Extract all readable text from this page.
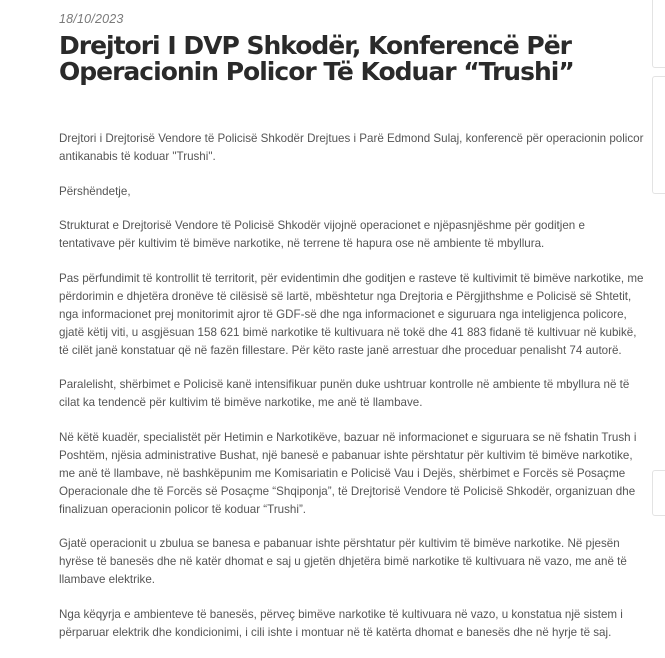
18/10/2023
Drejtori I DVP Shkodër, Konferencë Për Operacionin Policor Të Koduar “Trushi”

Drejtori i Drejtorisë Vendore të Policisë Shkodër Drejtues i Parë Edmond Sulaj, konferencë për operacionin policor antikanabis të koduar "Trushi".

Përshëndetje,

Strukturat e Drejtorisë Vendore të Policisë Shkodër vijojnë operacionet e njëpasnjëshme për goditjen e tentativave për kultivim të bimëve narkotike, në terrene të hapura ose në ambiente të mbyllura.

Pas përfundimit të kontrollit të territorit, për evidentimin dhe goditjen e rasteve të kultivimit të bimëve narkotike, me përdorimin e dhjetëra dronëve të cilësisë së lartë, mbështetur nga Drejtoria e Përgjithshme e Policisë së Shtetit, nga informacionet prej monitorimit ajror të GDF-së dhe nga informacionet e siguruara nga inteligjenca policore, gjatë këtij viti, u asgjësuan 158 621 bimë narkotike të kultivuara në tokë dhe 41 883 fidanë të kultivuar në kubikë, të cilët janë konstatuar që në fazën fillestare. Për këto raste janë arrestuar dhe proceduar penalisht 74 autorë.

Paralelisht, shërbimet e Policisë kanë intensifikuar punën duke ushtruar kontrolle në ambiente të mbyllura në të cilat ka tendencë për kultivim të bimëve narkotike, me anë të llambave.

Në këtë kuadër, specialistët për Hetimin e Narkotikëve, bazuar në informacionet e siguruara se në fshatin Trush i Poshtëm, njësia administrative Bushat, një banesë e pabanuar ishte përshtatur për kultivim të bimëve narkotike, me anë të llambave, në bashkëpunim me Komisariatin e Policisë Vau i Dejës, shërbimet e Forcës së Posaçme Operacionale dhe të Forcës së Posaçme “Shqiponja”, të Drejtorisë Vendore të Policisë Shkodër, organizuan dhe finalizuan operacionin policor të koduar “Trushi”.

Gjatë operacionit u zbulua se banesa e pabanuar ishte përshtatur për kultivim të bimëve narkotike. Në pjesën hyrëse të banesës dhe në katër dhomat e saj u gjetën dhjetëra bimë narkotike të kultivuara në vazo, me anë të llambave elektrike.

Nga këqyrja e ambienteve të banesës, përveç bimëve narkotike të kultivuara në vazo, u konstatua një sistem i përparuar elektrik dhe kondicionimi, i cili ishte i montuar në të katërta dhomat e banesës dhe në hyrje të saj.
